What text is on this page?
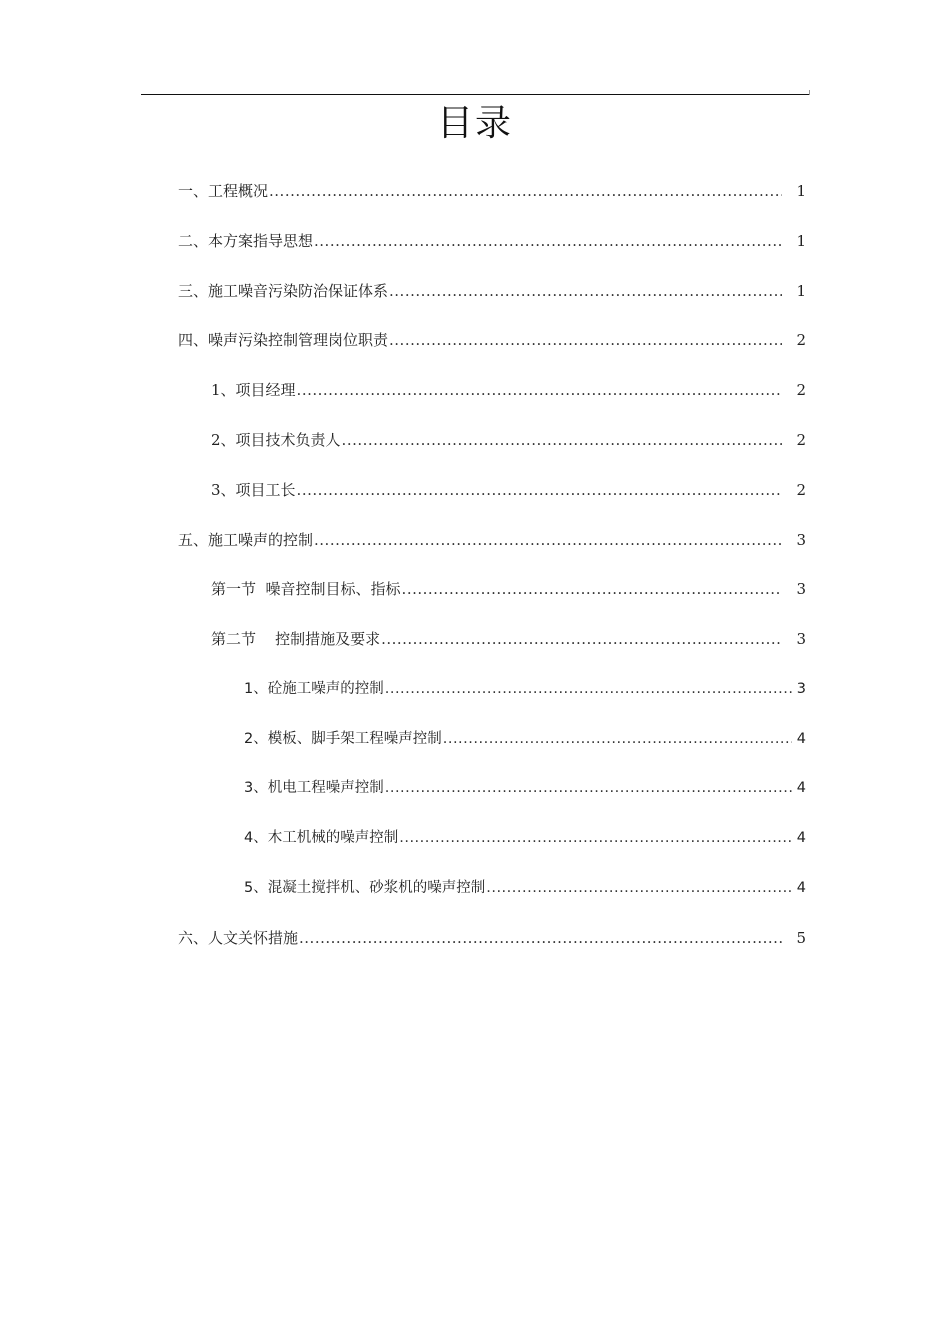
目录
一、工程概况 .....	1
二、本方案指导思想 .....	1
三、施工噪音污染防治保证体系 .....	1
四、噪声污染控制管理岗位职责 .....	2
1、项目经理 .....	2
2、项目技术负责人 .....	2
3、项目工长 .....	2
五、施工噪声的控制 .....	3
第一节  噪音控制目标、指标 .....	3
第二节    控制措施及要求 .....	3
1、砼施工噪声的控制 .....	3
2、模板、脚手架工程噪声控制 .....	4
3、机电工程噪声控制 .....	4
4、木工机械的噪声控制 .....	4
5、混凝土搅拌机、砂浆机的噪声控制 .....	4
六、人文关怀措施 .....	5
